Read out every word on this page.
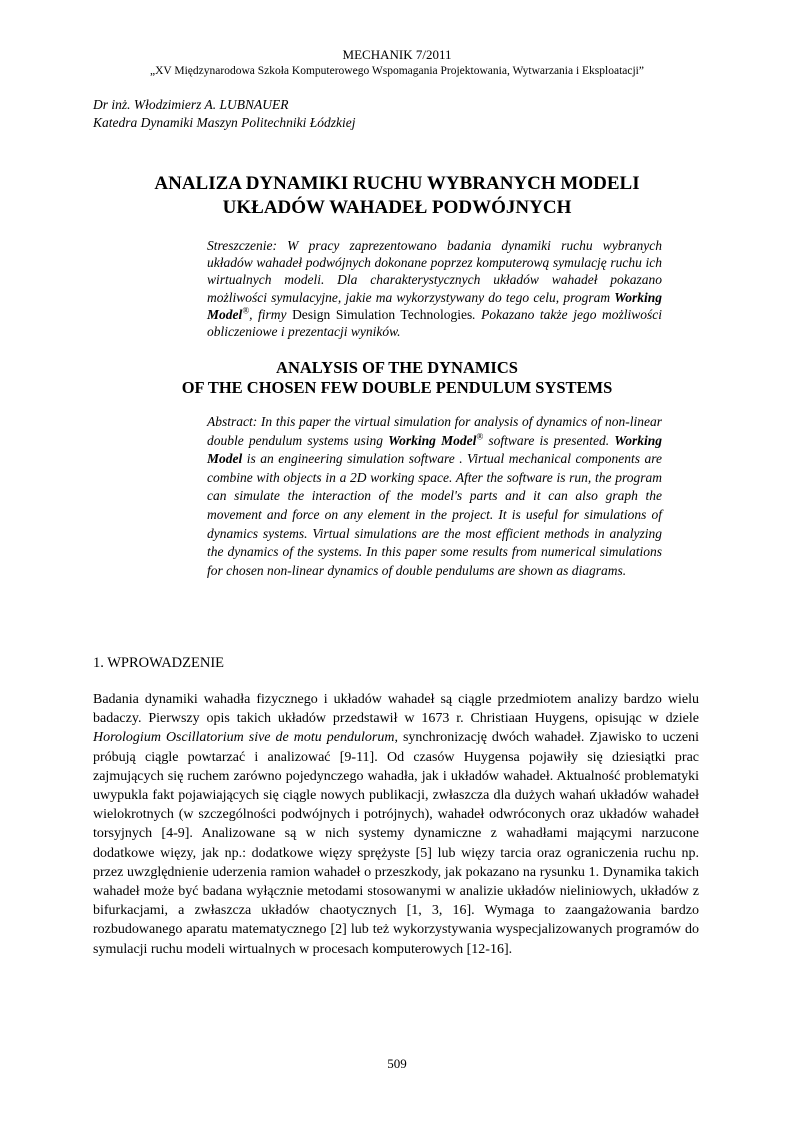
MECHANIK 7/2011
„XV Międzynarodowa Szkoła Komputerowego Wspomagania Projektowania, Wytwarzania i Eksploatacji”
Dr inż. Włodzimierz A. LUBNAUER
Katedra Dynamiki Maszyn Politechniki Łódzkiej
ANALIZA DYNAMIKI RUCHU WYBRANYCH MODELI
UKŁADÓW WAHADEŁ PODWÓJNYCH
Streszczenie: W pracy zaprezentowano badania dynamiki ruchu wybranych układów wahadeł podwójnych dokonane poprzez komputerową symulację ruchu ich wirtualnych modeli. Dla charakterystycznych układów wahadeł pokazano możliwości symulacyjne, jakie ma wykorzystywany do tego celu, program Working Model®, firmy Design Simulation Technologies. Pokazano także jego możliwości obliczeniowe i prezentacji wyników.
ANALYSIS OF THE DYNAMICS
OF THE CHOSEN FEW DOUBLE PENDULUM SYSTEMS
Abstract: In this paper the virtual simulation for analysis of dynamics of non-linear double pendulum systems using Working Model® software is presented. Working Model is an engineering simulation software . Virtual mechanical components are combine with objects in a 2D working space. After the software is run, the program can simulate the interaction of the model's parts and it can also graph the movement and force on any element in the project. It is useful for simulations of dynamics systems. Virtual simulations are the most efficient methods in analyzing the dynamics of the systems. In this paper some results from numerical simulations for chosen non-linear dynamics of double pendulums are shown as diagrams.
1. WPROWADZENIE
Badania dynamiki wahadła fizycznego i układów wahadeł są ciągle przedmiotem analizy bardzo wielu badaczy. Pierwszy opis takich układów przedstawił w 1673 r. Christiaan Huygens, opisując w dziele Horologium Oscillatorium sive de motu pendulorum, synchronizację dwóch wahadeł. Zjawisko to uczeni próbują ciągle powtarzać i analizować [9-11]. Od czasów Huygensa pojawiły się dziesiątki prac zajmujących się ruchem zarówno pojedynczego wahadła, jak i układów wahadeł. Aktualność problematyki uwypukla fakt pojawiających się ciągle nowych publikacji, zwłaszcza dla dużych wahań układów wahadeł wielokrotnych (w szczególności podwójnych i potrójnych), wahadeł odwróconych oraz układów wahadeł torsyjnych [4-9]. Analizowane są w nich systemy dynamiczne z wahadłami mającymi narzucone dodatkowe więzy, jak np.: dodatkowe więzy sprężyste [5] lub więzy tarcia oraz ograniczenia ruchu np. przez uwzględnienie uderzenia ramion wahadeł o przeszkody, jak pokazano na rysunku 1. Dynamika takich wahadeł może być badana wyłącznie metodami stosowanymi w analizie układów nieliniowych, układów z bifurkacjami, a zwłaszcza układów chaotycznych [1, 3, 16]. Wymaga to zaangażowania bardzo rozbudowanego aparatu matematycznego [2] lub też wykorzystywania wyspecjalizowanych programów do symulacji ruchu modeli wirtualnych w procesach komputerowych [12-16].
509
